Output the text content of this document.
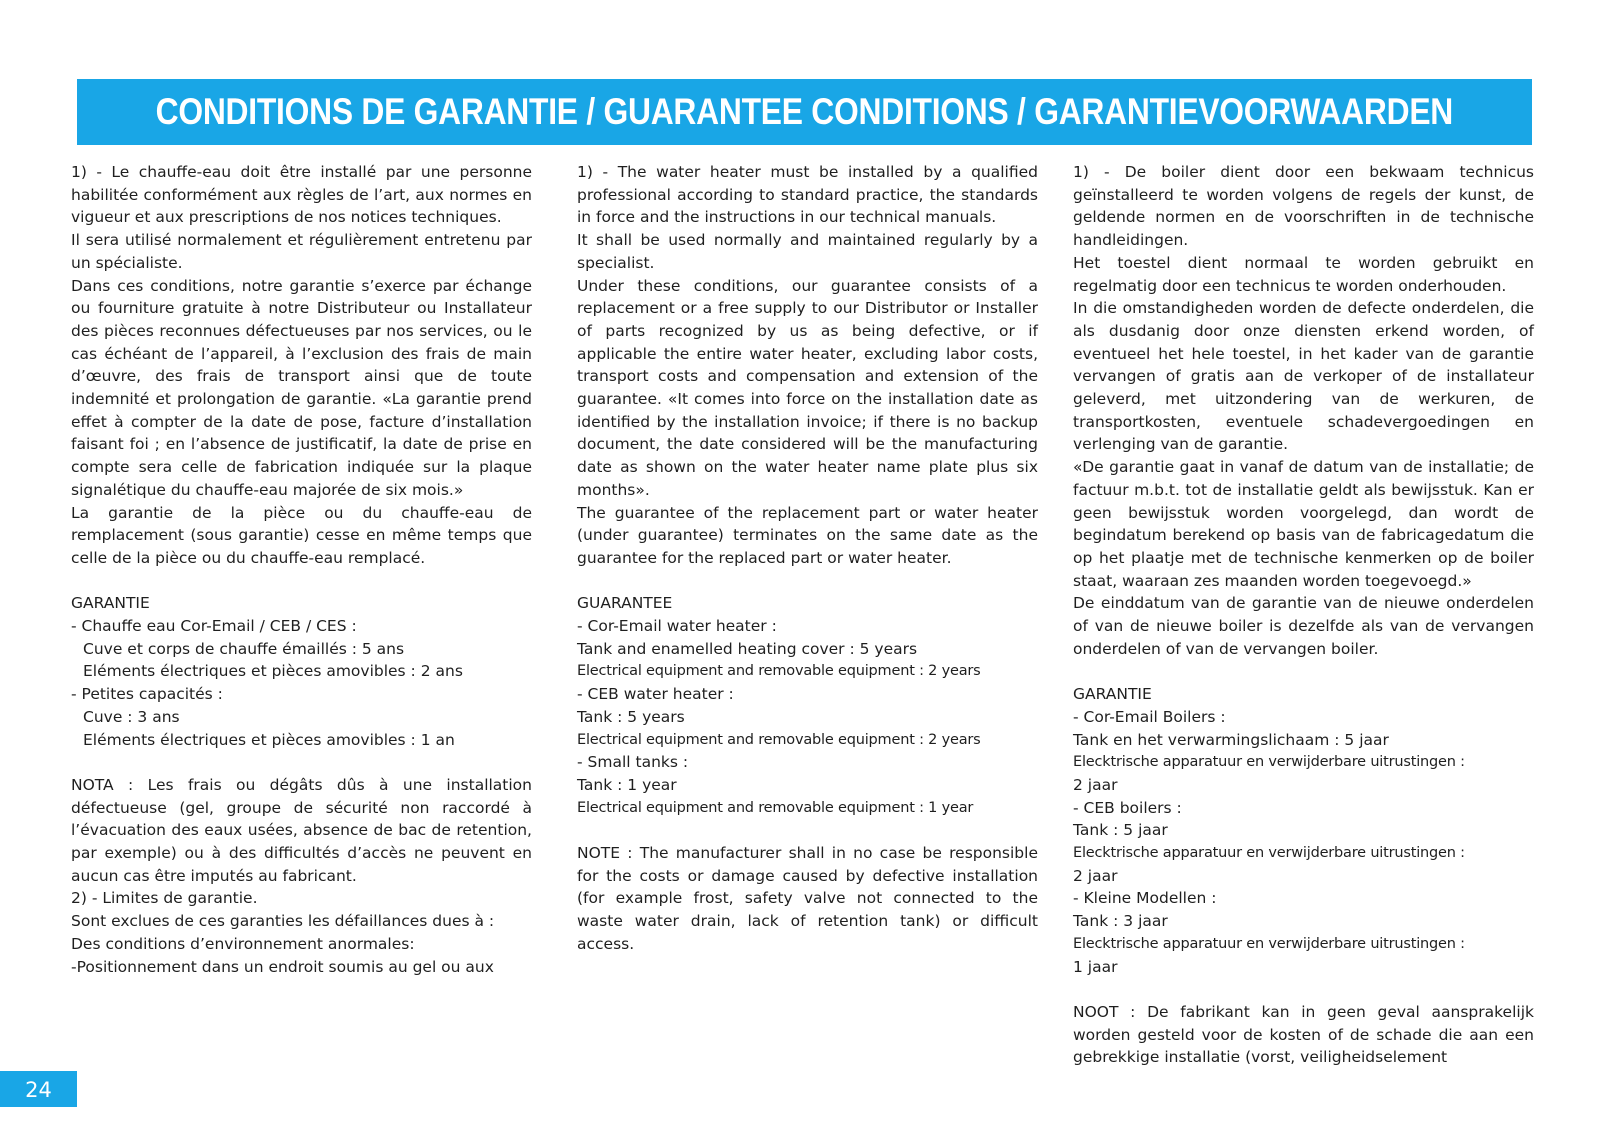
CONDITIONS DE GARANTIE / GUARANTEE CONDITIONS / GARANTIEVOORWAARDEN

1) - Le chauffe-eau doit être installé par une personne habilitée conformément aux règles de l’art, aux normes en vigueur et aux prescriptions de nos notices techniques.

Il sera utilisé normalement et régulièrement entretenu par un spécialiste.

Dans ces conditions, notre garantie s’exerce par échange ou fourniture gratuite à notre Distributeur ou Installateur des pièces reconnues défectueuses par nos services, ou le cas échéant de l’appareil, à l’exclusion des frais de main d’œuvre, des frais de transport ainsi que de toute indemnité et prolongation de garantie. «La garantie prend effet à compter de la date de pose, facture d’installation faisant foi ; en l’absence de justificatif, la date de prise en compte sera celle de fabrication indiquée sur la plaque signalétique du chauffe-eau majorée de six mois.»

La garantie de la pièce ou du chauffe-eau de remplacement (sous garantie) cesse en même temps que celle de la pièce ou du chauffe-eau remplacé.

GARANTIE
- Chauffe eau Cor-Email / CEB / CES :
Cuve et corps de chauffe émaillés : 5 ans
Eléments électriques et pièces amovibles : 2 ans
- Petites capacités :
Cuve : 3 ans
Eléments électriques et pièces amovibles : 1 an

NOTA : Les frais ou dégâts dûs à une installation défectueuse (gel, groupe de sécurité non raccordé à l’évacuation des eaux usées, absence de bac de retention, par exemple) ou à des difficultés d’accès ne peuvent en aucun cas être imputés au fabricant.

2) - Limites de garantie.
Sont exclues de ces garanties les défaillances dues à :
Des conditions d’environnement anormales:
-Positionnement dans un endroit soumis au gel ou aux

1) - The water heater must be installed by a qualified professional according to standard practice, the standards in force and the instructions in our technical manuals.

It shall be used normally and maintained regularly by a specialist.

Under these conditions, our guarantee consists of a replacement or a free supply to our Distributor or Installer of parts recognized by us as being defective, or if applicable the entire water heater, excluding labor costs, transport costs and compensation and extension of the guarantee. «It comes into force on the installation date as identified by the installation invoice; if there is no backup document, the date considered will be the manufacturing date as shown on the water heater name plate plus six months».

The guarantee of the replacement part or water heater (under guarantee) terminates on the same date as the guarantee for the replaced part or water heater.

GUARANTEE
- Cor-Email water heater :
Tank and enamelled heating cover : 5 years
Electrical equipment and removable equipment : 2 years
- CEB water heater :
Tank : 5 years
Electrical equipment and removable equipment : 2 years
- Small tanks :
Tank : 1 year
Electrical equipment and removable equipment : 1 year

NOTE : The manufacturer shall in no case be responsible for the costs or damage caused by defective installation (for example frost, safety valve not connected to the waste water drain, lack of retention tank) or difficult access.

1) - De boiler dient door een bekwaam technicus geïnstalleerd te worden volgens de regels der kunst, de geldende normen en de voorschriften in de technische handleidingen.

Het toestel dient normaal te worden gebruikt en regelmatig door een technicus te worden onderhouden.

In die omstandigheden worden de defecte onderdelen, die als dusdanig door onze diensten erkend worden, of eventueel het hele toestel, in het kader van de garantie vervangen of gratis aan de verkoper of de installateur geleverd, met uitzondering van de werkuren, de transportkosten, eventuele schadevergoedingen en verlenging van de garantie.

«De garantie gaat in vanaf de datum van de installatie; de factuur m.b.t. tot de installatie geldt als bewijsstuk. Kan er geen bewijsstuk worden voorgelegd, dan wordt de begindatum berekend op basis van de fabricagedatum die op het plaatje met de technische kenmerken op de boiler staat, waaraan zes maanden worden toegevoegd.»

De einddatum van de garantie van de nieuwe onderdelen of van de nieuwe boiler is dezelfde als van de vervangen onderdelen of van de vervangen boiler.

GARANTIE
- Cor-Email Boilers :
Tank en het verwarmingslichaam : 5 jaar
Elecktrische apparatuur en verwijderbare uitrustingen :
2 jaar
- CEB boilers :
Tank : 5 jaar
Elecktrische apparatuur en verwijderbare uitrustingen :
2 jaar
- Kleine Modellen :
Tank : 3 jaar
Elecktrische apparatuur en verwijderbare uitrustingen :
1 jaar

NOOT : De fabrikant kan in geen geval aansprakelijk worden gesteld voor de kosten of de schade die aan een gebrekkige installatie (vorst, veiligheidselement

24
